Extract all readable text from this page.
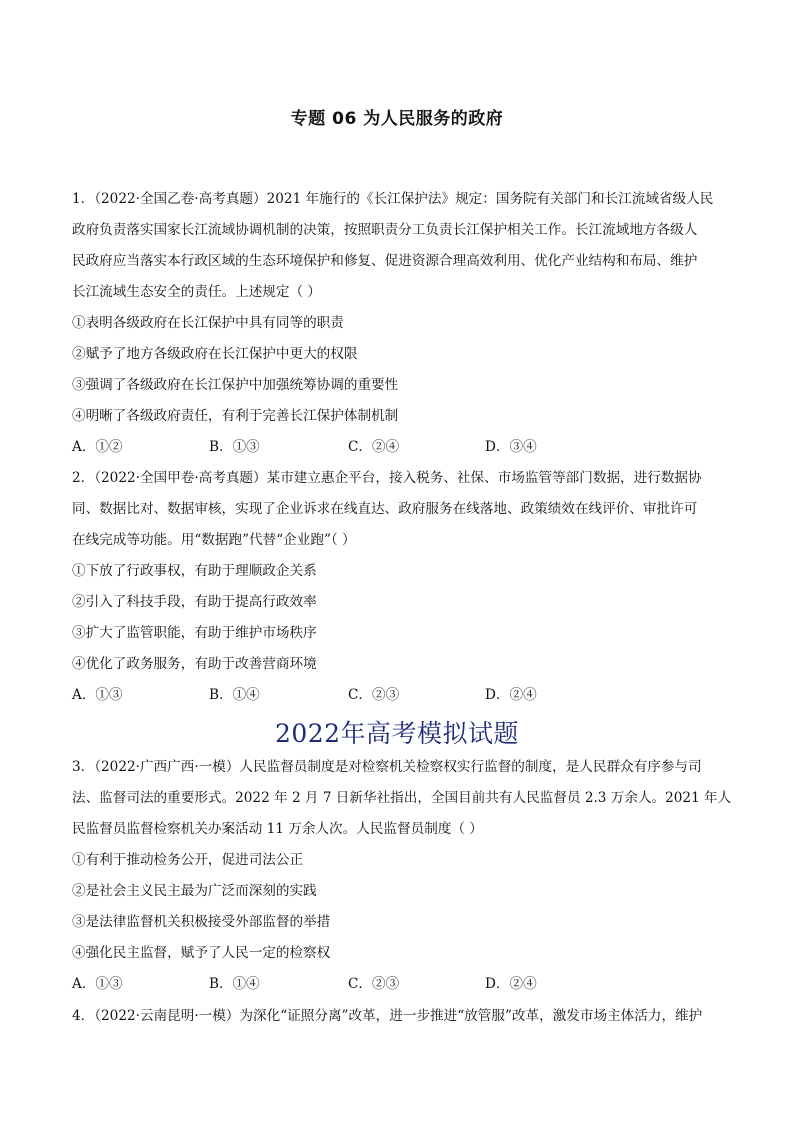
专题 06 为人民服务的政府
1．（2022·全国乙卷·高考真题）2021 年施行的《长江保护法》规定：国务院有关部门和长江流域省级人民
政府负责落实国家长江流域协调机制的决策，按照职责分工负责长江保护相关工作。长江流域地方各级人
民政府应当落实本行政区域的生态环境保护和修复、促进资源合理高效利用、优化产业结构和布局、维护
长江流域生态安全的责任。上述规定（ ）
①表明各级政府在长江保护中具有同等的职责
②赋予了地方各级政府在长江保护中更大的权限
③强调了各级政府在长江保护中加强统筹协调的重要性
④明晰了各级政府责任，有利于完善长江保护体制机制
A．①②	B．①③	C．②④	D．③④
2．（2022·全国甲卷·高考真题）某市建立惠企平台，接入税务、社保、市场监管等部门数据，进行数据协
同、数据比对、数据审核，实现了企业诉求在线直达、政府服务在线落地、政策绩效在线评价、审批许可
在线完成等功能。用“数据跑”代替“企业跑”（ ）
①下放了行政事权，有助于理顺政企关系
②引入了科技手段，有助于提高行政效率
③扩大了监管职能，有助于维护市场秩序
④优化了政务服务，有助于改善营商环境
A．①③	B．①④	C．②③	D．②④
2022年高考模拟试题
3．（2022·广西广西·一模）人民监督员制度是对检察机关检察权实行监督的制度，是人民群众有序参与司
法、监督司法的重要形式。2022 年 2 月 7 日新华社指出，全国目前共有人民监督员 2.3 万余人。2021 年人
民监督员监督检察机关办案活动 11 万余人次。人民监督员制度（ ）
①有利于推动检务公开，促进司法公正
②是社会主义民主最为广泛而深刻的实践
③是法律监督机关积极接受外部监督的举措
④强化民主监督，赋予了人民一定的检察权
A．①③	B．①④	C．②③	D．②④
4．（2022·云南昆明·一模）为深化“证照分离”改革，进一步推进“放管服”改革，激发市场主体活力，维护
